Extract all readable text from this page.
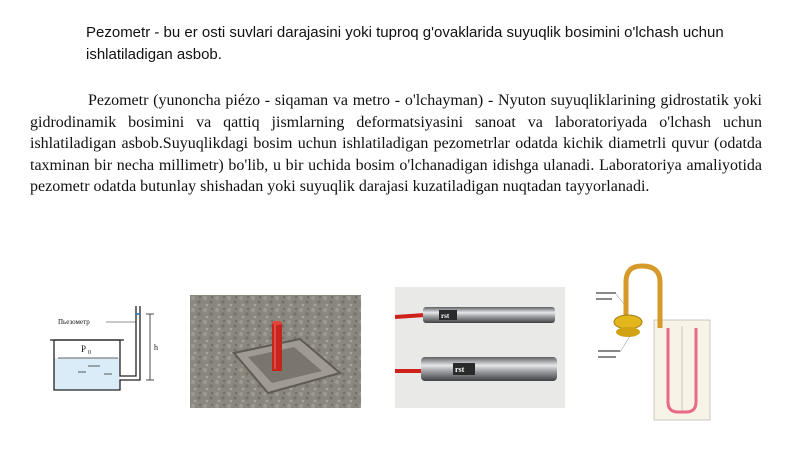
Pezometr - bu er osti suvlari darajasini yoki tuproq g'ovaklarida suyuqlik bosimini o'lchash uchun ishlatiladigan asbob.

Pezometr (yunoncha piézo - siqaman va metro - o'lchayman) - Nyuton suyuqliklarining gidrostatik yoki gidrodinamik bosimini va qattiq jismlarning deformatsiyasini sanoat va laboratoriyada o'lchash uchun ishlatiladigan asbob.Suyuqlikdagi bosim uchun ishlatiladigan pezometrlar odatda kichik diametrli quvur (odatda taxminan bir necha millimetr) bo'lib, u bir uchida bosim o'lchanadigan idishga ulanadi. Laboratoriya amaliyotida pezometr odatda butunlay shishadan yoki suyuqlik darajasi kuzatiladigan nuqtadan tayyorlanadi.

Пьезометр
P 0
h
rst
rst
